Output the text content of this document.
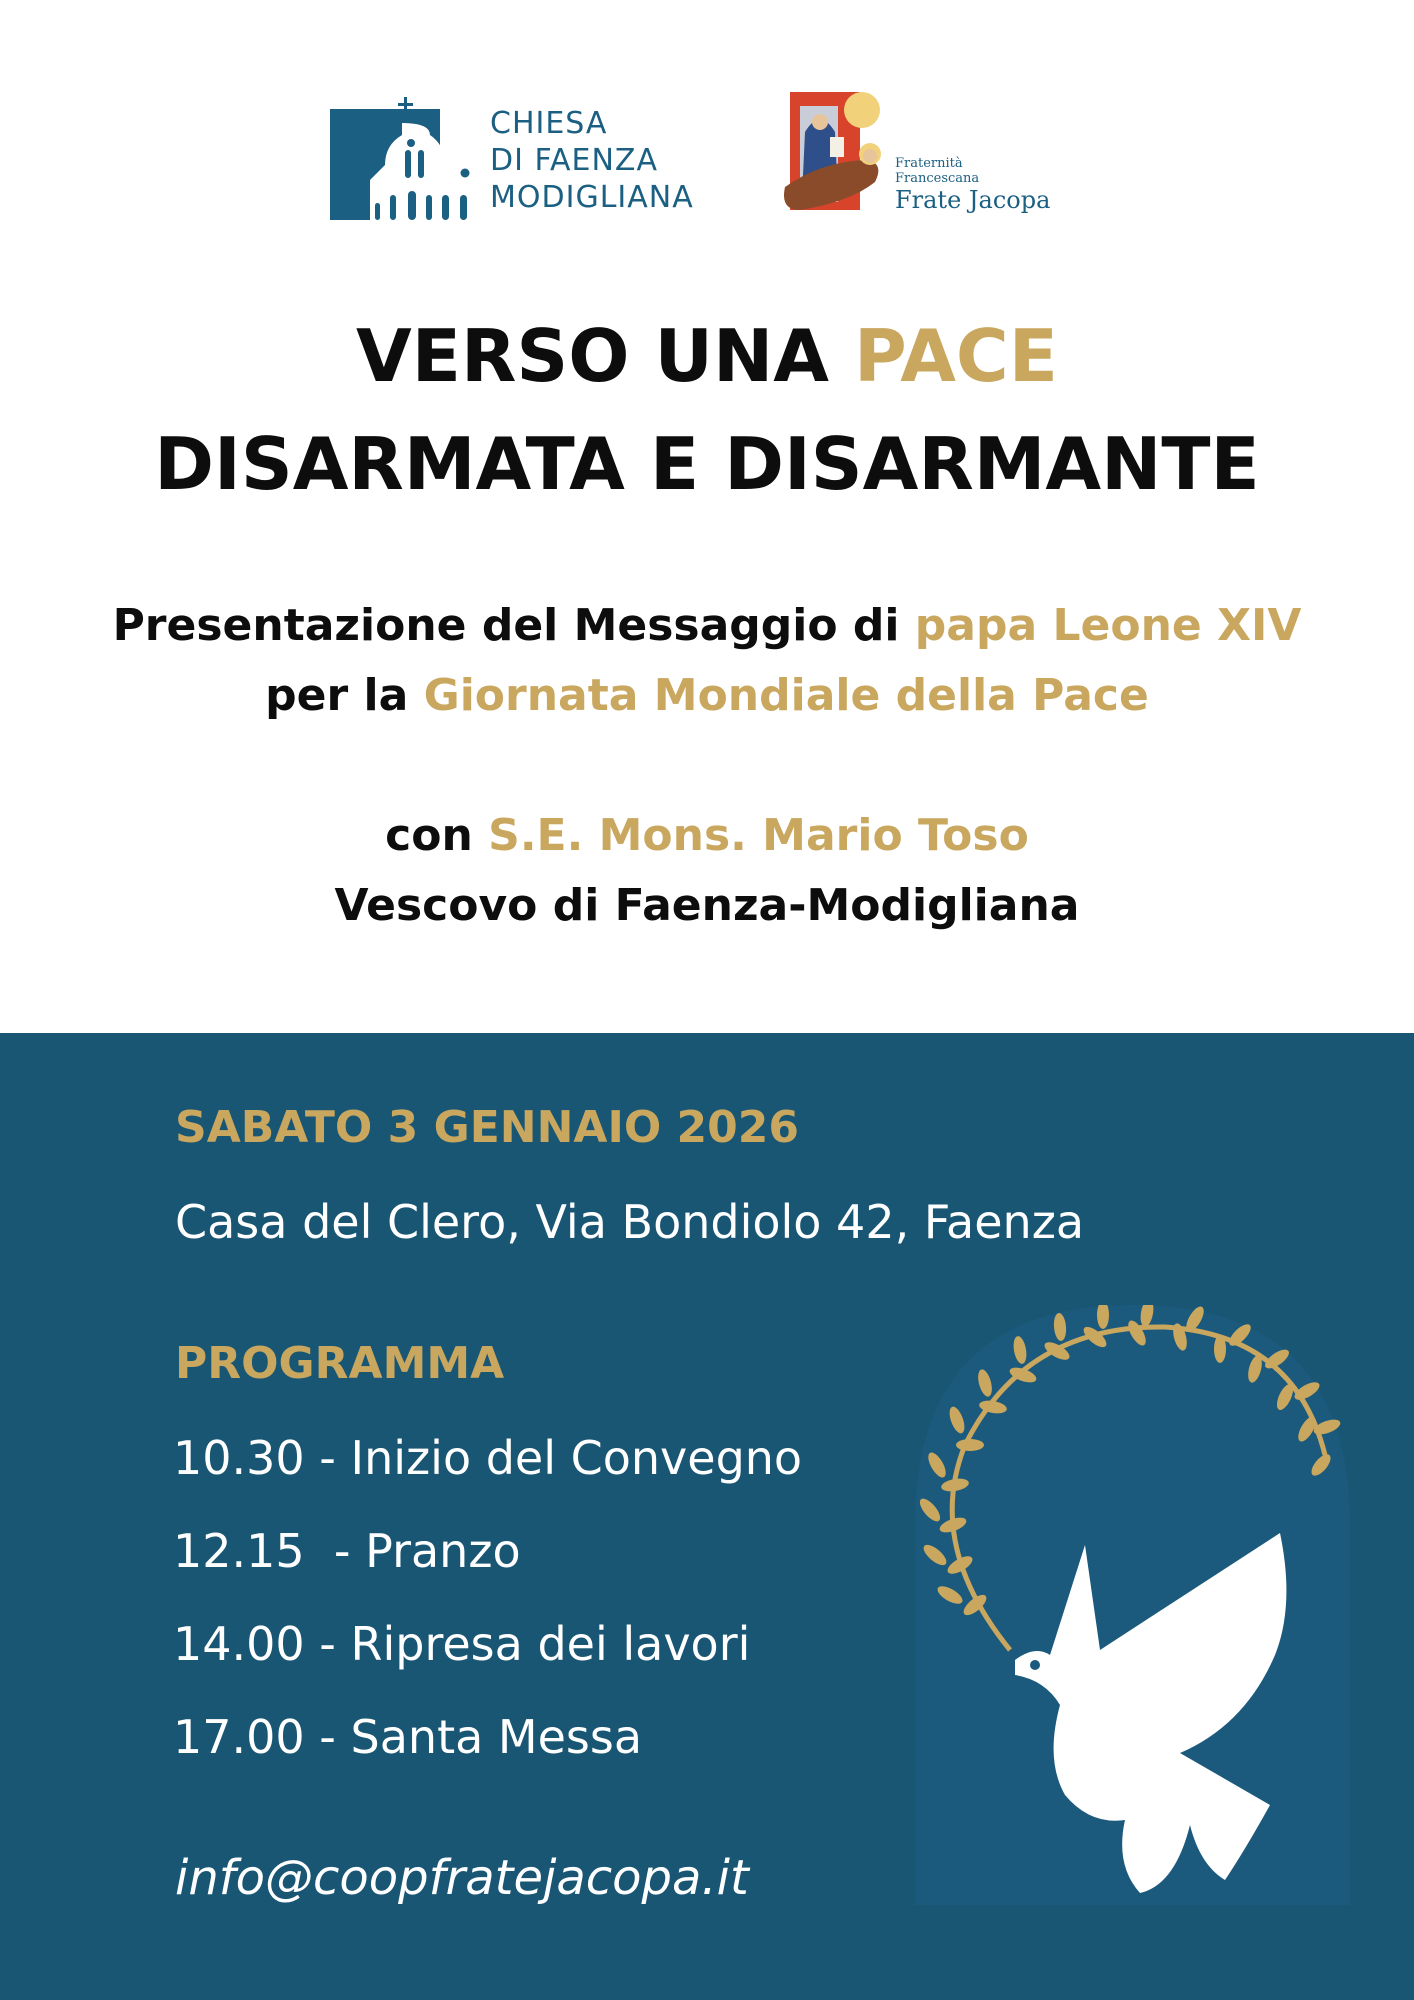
CHIESA
DI FAENZA
MODIGLIANA
Fraternità
Francescana
Frate Jacopa
VERSO UNA PACE
DISARMATA E DISARMANTE
Presentazione del Messaggio di papa Leone XIV
per la Giornata Mondiale della Pace
con S.E. Mons. Mario Toso
Vescovo di Faenza-Modigliana
SABATO 3 GENNAIO 2026
Casa del Clero, Via Bondiolo 42, Faenza
PROGRAMMA
10.30 - Inizio del Convegno
12.15  - Pranzo
14.00 - Ripresa dei lavori
17.00 - Santa Messa
info@coopfratejacopa.it
